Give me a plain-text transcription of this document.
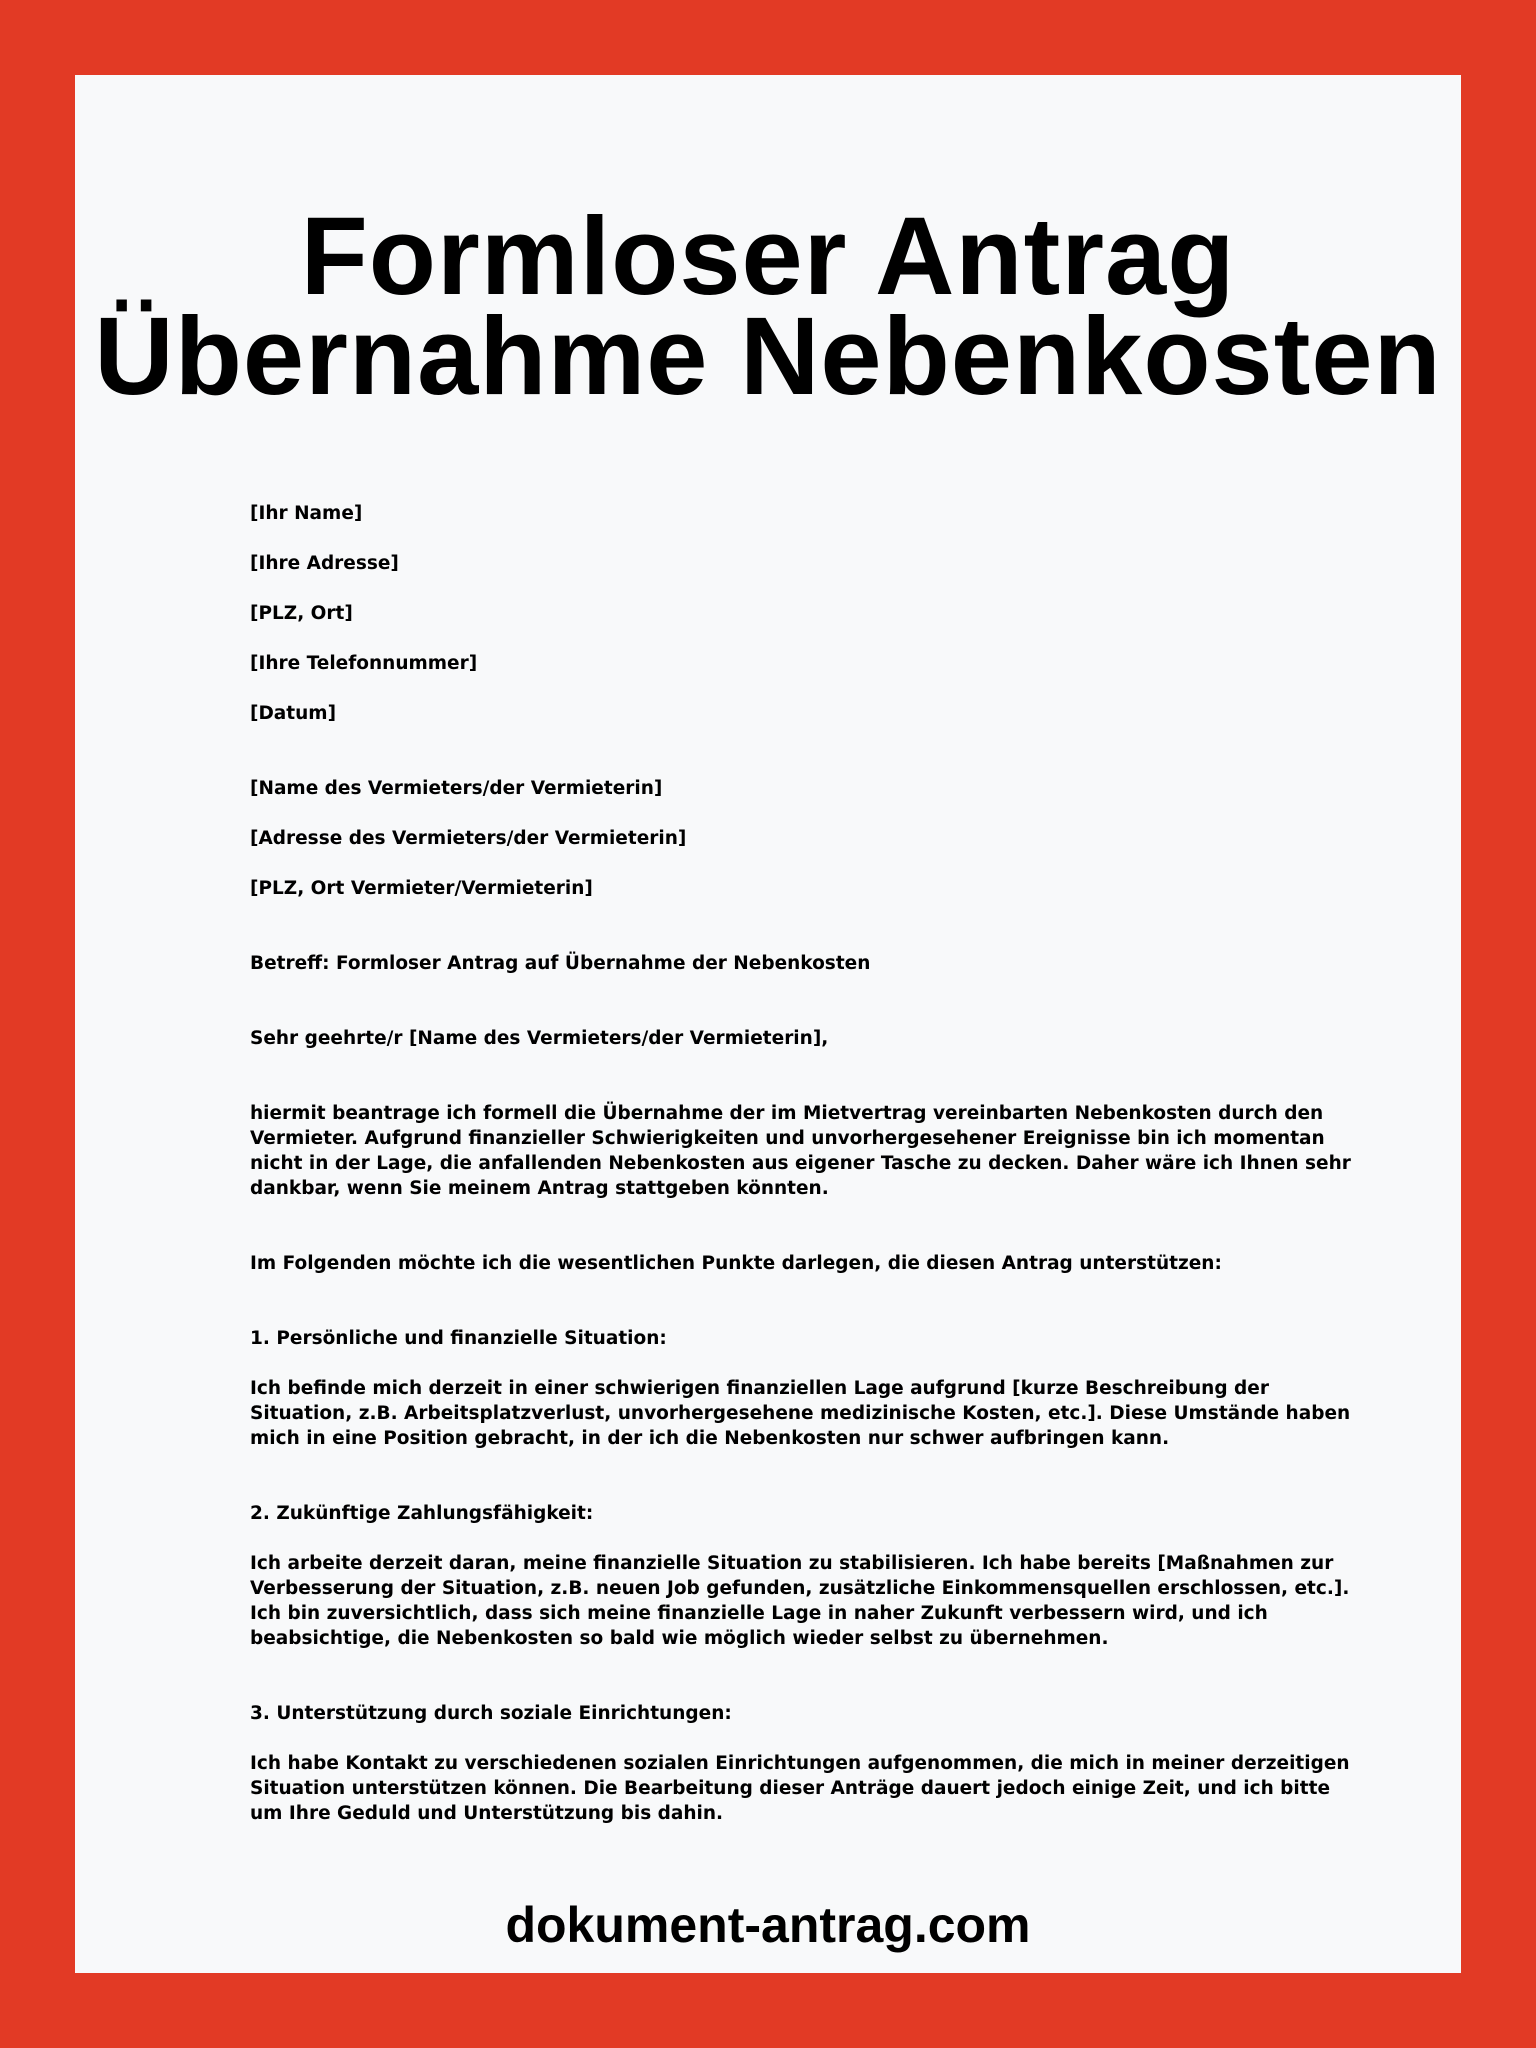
Formloser Antrag
Übernahme Nebenkosten

[Ihr Name]

[Ihre Adresse]

[PLZ, Ort]

[Ihre Telefonnummer]

[Datum]

[Name des Vermieters/der Vermieterin]

[Adresse des Vermieters/der Vermieterin]

[PLZ, Ort Vermieter/Vermieterin]

Betreff: Formloser Antrag auf Übernahme der Nebenkosten

Sehr geehrte/r [Name des Vermieters/der Vermieterin],

hiermit beantrage ich formell die Übernahme der im Mietvertrag vereinbarten Nebenkosten durch den Vermieter. Aufgrund finanzieller Schwierigkeiten und unvorhergesehener Ereignisse bin ich momentan nicht in der Lage, die anfallenden Nebenkosten aus eigener Tasche zu decken. Daher wäre ich Ihnen sehr dankbar, wenn Sie meinem Antrag stattgeben könnten.

Im Folgenden möchte ich die wesentlichen Punkte darlegen, die diesen Antrag unterstützen:

1. Persönliche und finanzielle Situation:

Ich befinde mich derzeit in einer schwierigen finanziellen Lage aufgrund [kurze Beschreibung der Situation, z.B. Arbeitsplatzverlust, unvorhergesehene medizinische Kosten, etc.]. Diese Umstände haben mich in eine Position gebracht, in der ich die Nebenkosten nur schwer aufbringen kann.

2. Zukünftige Zahlungsfähigkeit:

Ich arbeite derzeit daran, meine finanzielle Situation zu stabilisieren. Ich habe bereits [Maßnahmen zur Verbesserung der Situation, z.B. neuen Job gefunden, zusätzliche Einkommensquellen erschlossen, etc.]. Ich bin zuversichtlich, dass sich meine finanzielle Lage in naher Zukunft verbessern wird, und ich beabsichtige, die Nebenkosten so bald wie möglich wieder selbst zu übernehmen.

3. Unterstützung durch soziale Einrichtungen:

Ich habe Kontakt zu verschiedenen sozialen Einrichtungen aufgenommen, die mich in meiner derzeitigen Situation unterstützen können. Die Bearbeitung dieser Anträge dauert jedoch einige Zeit, und ich bitte um Ihre Geduld und Unterstützung bis dahin.

dokument-antrag.com
